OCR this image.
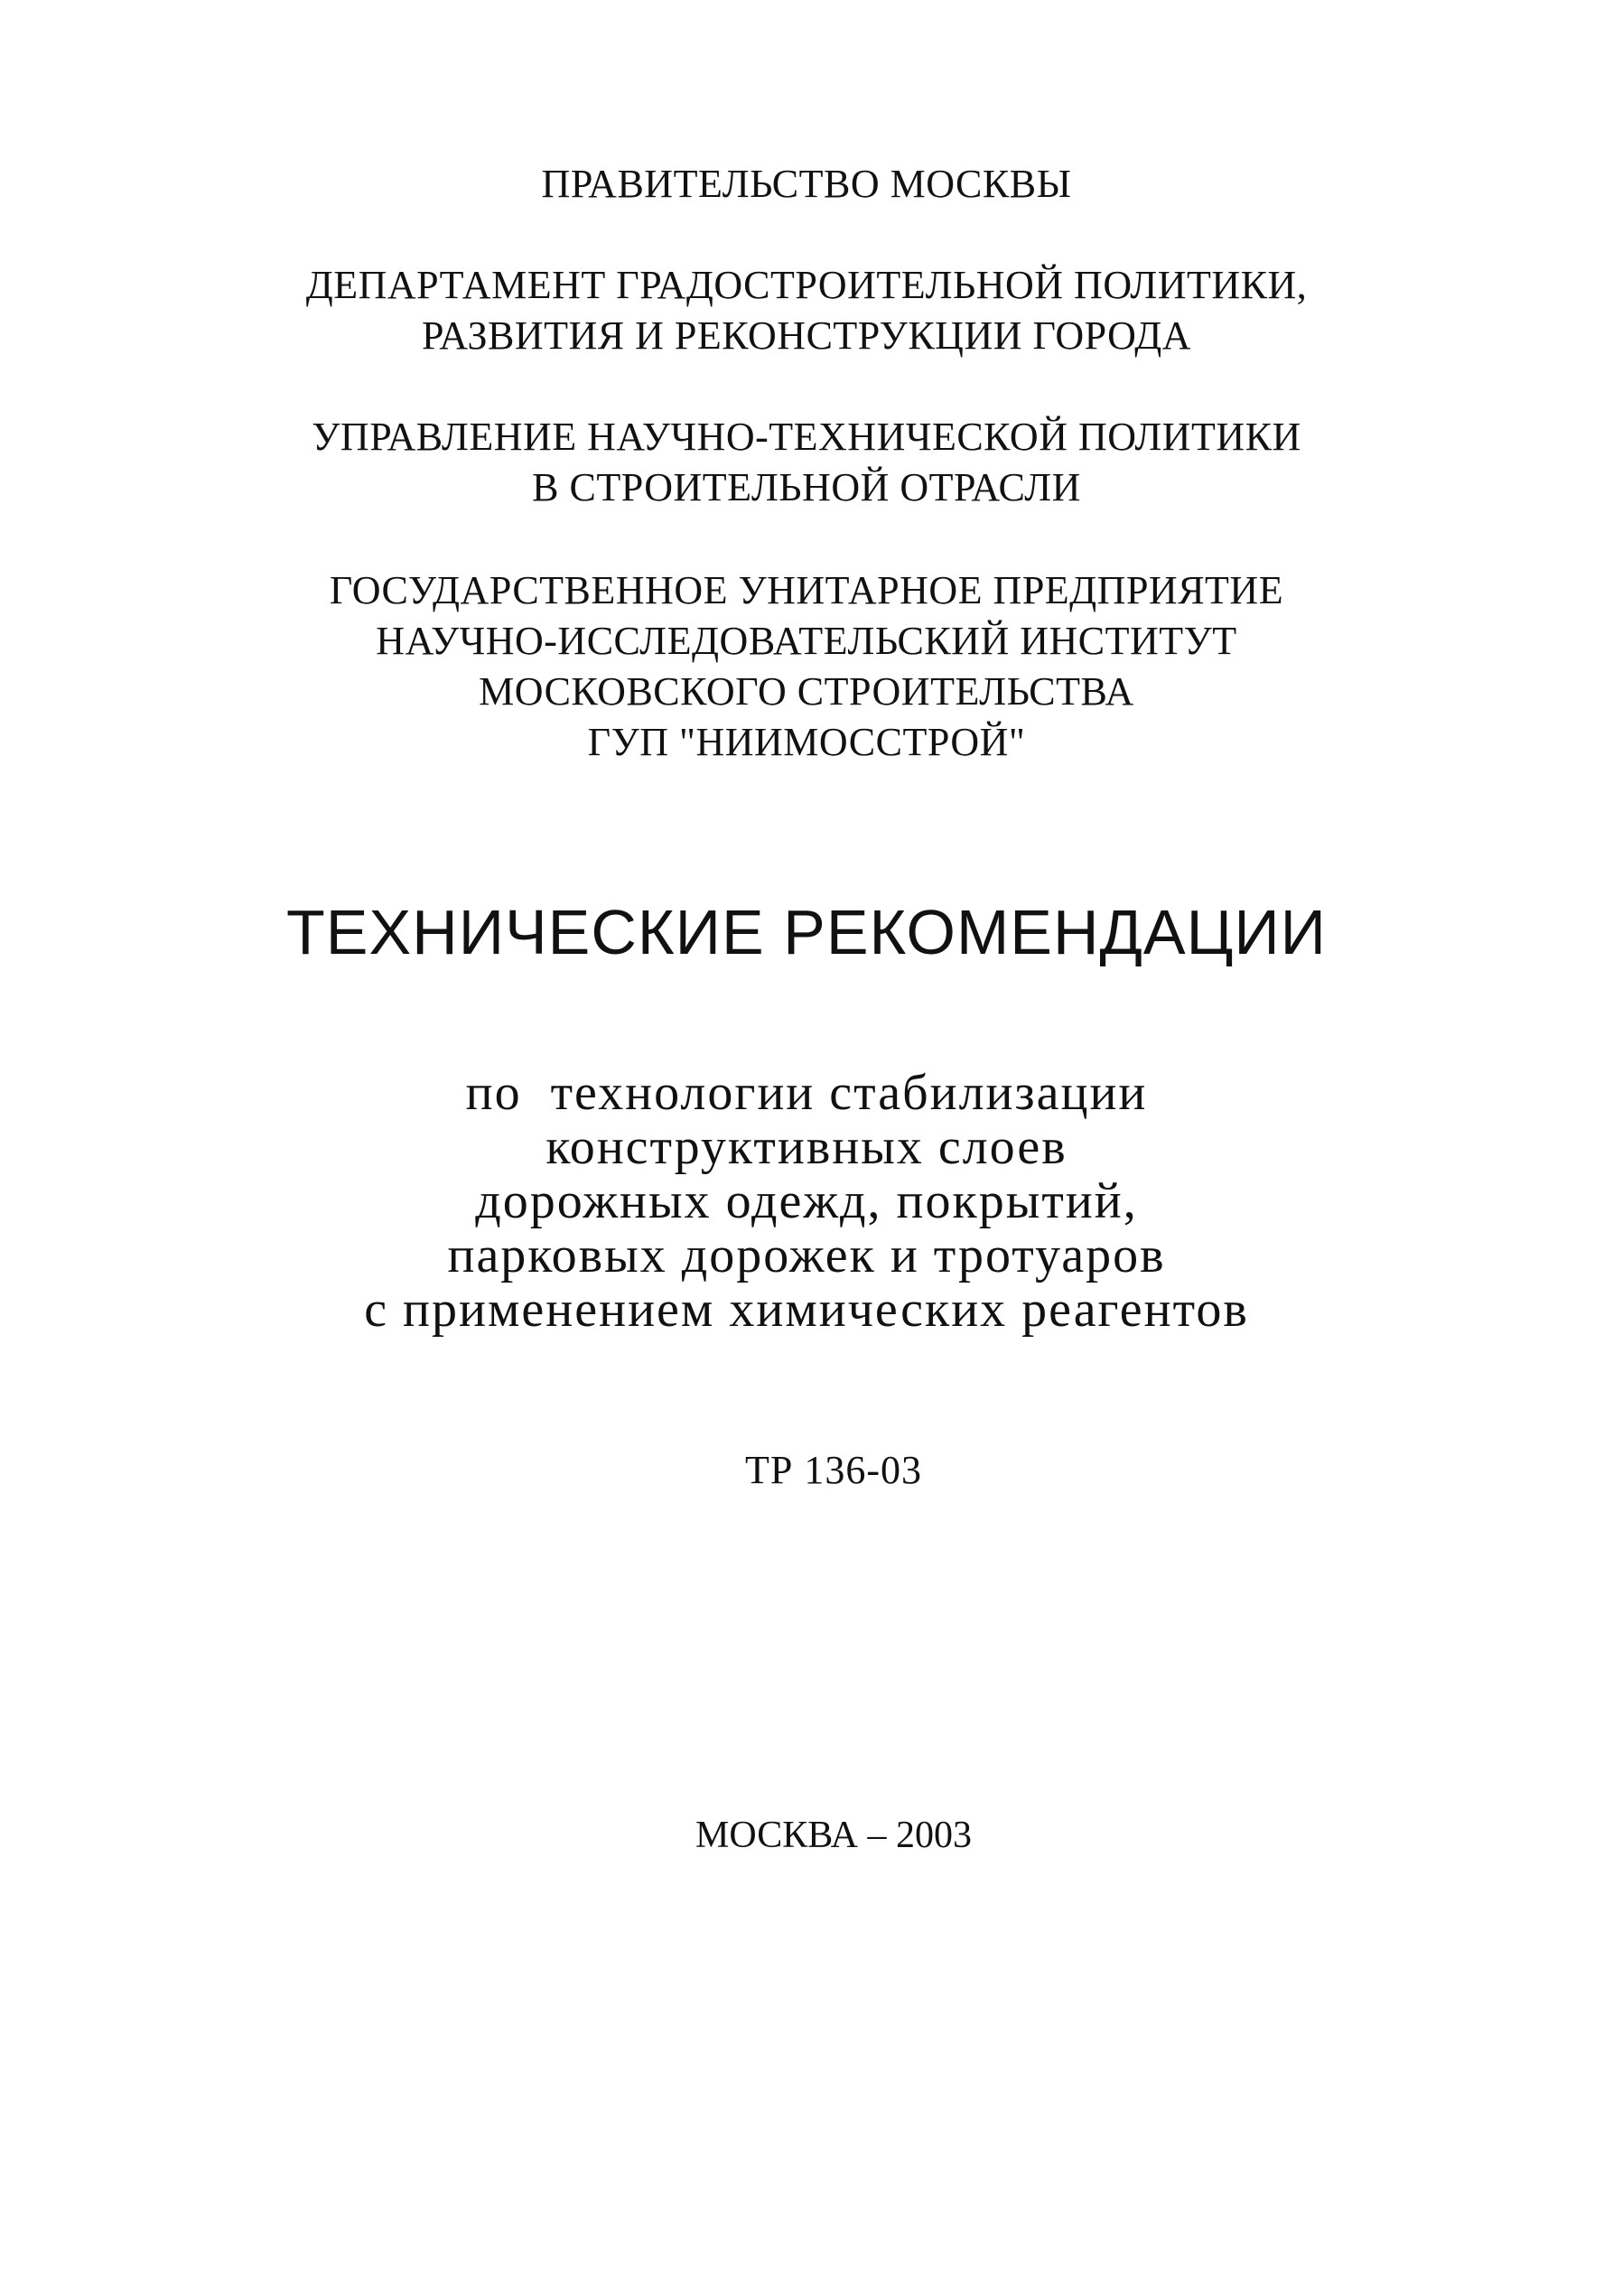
ПРАВИТЕЛЬСТВО МОСКВЫ
ДЕПАРТАМЕНТ ГРАДОСТРОИТЕЛЬНОЙ ПОЛИТИКИ,
РАЗВИТИЯ И РЕКОНСТРУКЦИИ ГОРОДА
УПРАВЛЕНИЕ НАУЧНО-ТЕХНИЧЕСКОЙ ПОЛИТИКИ
В СТРОИТЕЛЬНОЙ ОТРАСЛИ
ГОСУДАРСТВЕННОЕ УНИТАРНОЕ ПРЕДПРИЯТИЕ
НАУЧНО-ИССЛЕДОВАТЕЛЬСКИЙ ИНСТИТУТ
МОСКОВСКОГО СТРОИТЕЛЬСТВА
ГУП "НИИМОССТРОЙ"
ТЕХНИЧЕСКИЕ РЕКОМЕНДАЦИИ
по  технологии стабилизации
конструктивных слоев
дорожных одежд, покрытий,
парковых дорожек и тротуаров
с применением химических реагентов
ТР 136-03
МОСКВА – 2003
